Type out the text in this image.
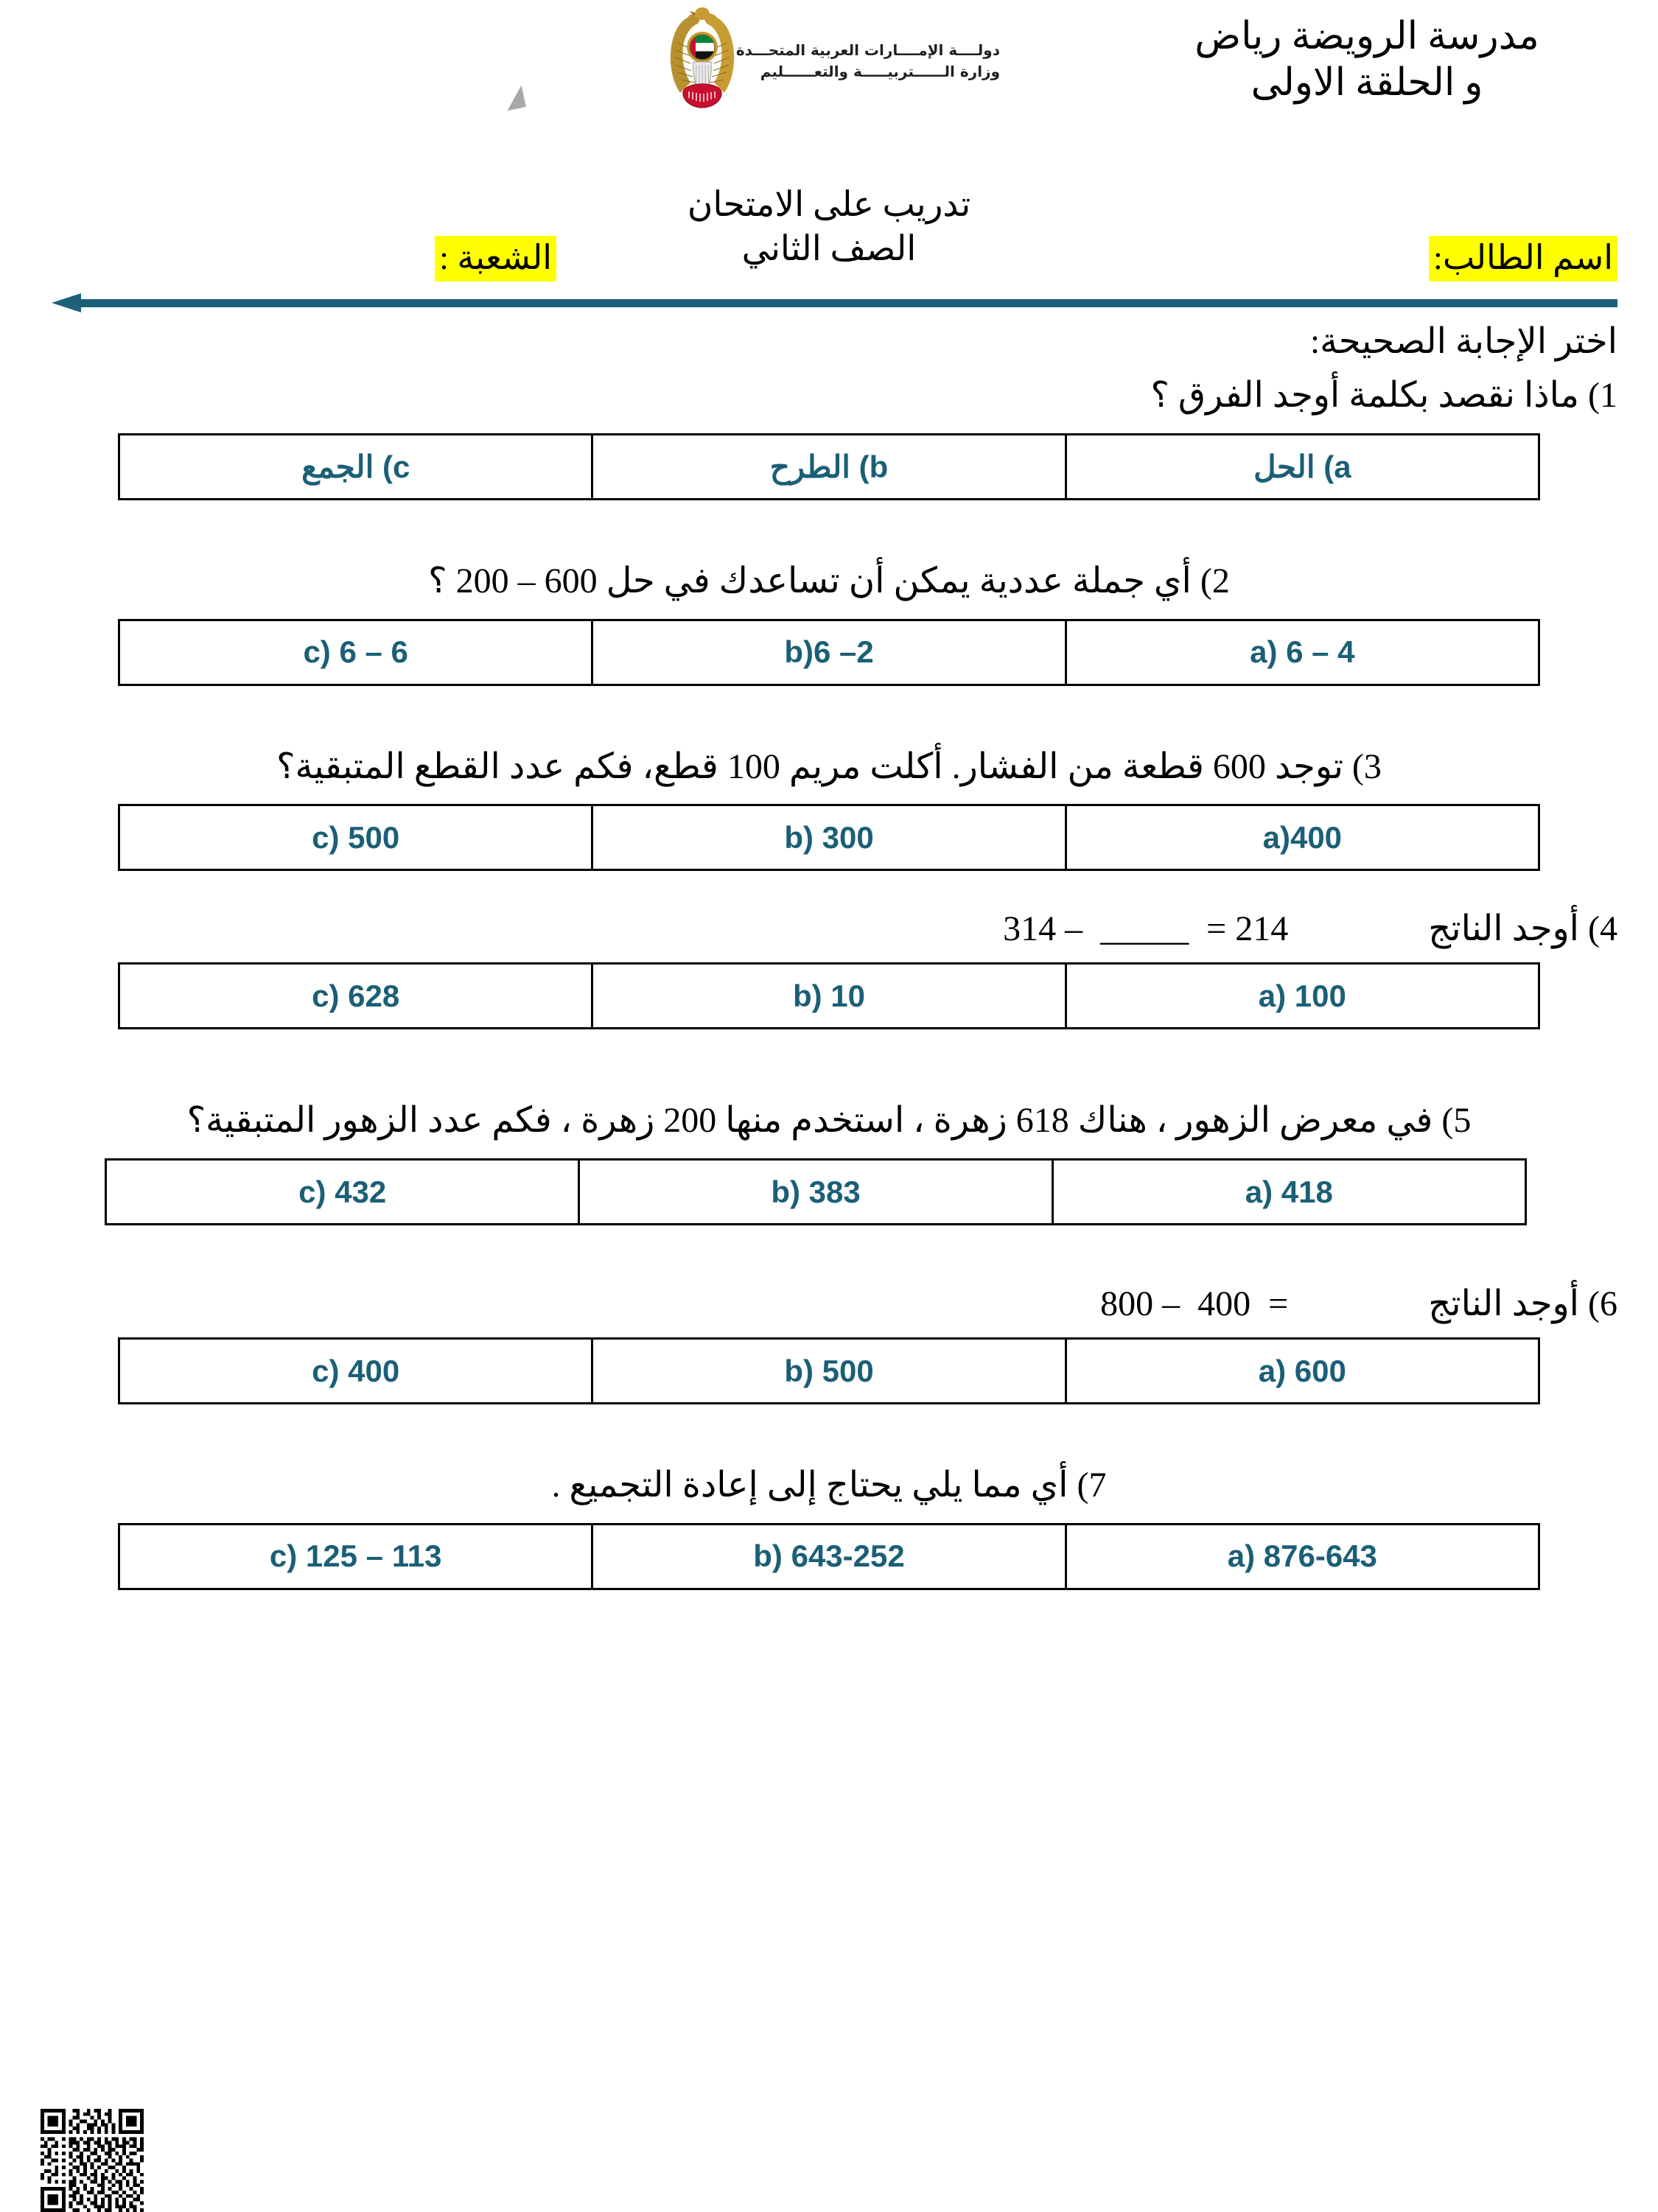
مدرسة الرويضة رياض
و الحلقة الاولى
دولــــة الإمــــارات العربية المتحـــدة
وزارة الــــــتربيـــــة والتعــــــليم
تدريب على الامتحان
الصف الثاني	اسم الطالب:
الشعبة :
اختر الإجابة الصحيحة:
1) ماذا نقصد بكلمة أوجد الفرق ؟
a) الحل
b) الطرح
c) الجمع
2) أي جملة عددية يمكن أن تساعدك في حل 600 – 200 ؟
a) 6 – 4
b)6 –2
c) 6 – 6
3) توجد 600 قطعة من الفشار. أكلت مريم 100 قطع، فكم عدد القطع المتبقية؟
a)400
b) 300
c) 500
4) أوجد الناتج
314 –  _____  = 214
a) 100
b) 10
c) 628
5) في معرض الزهور ، هناك 618 زهرة ، استخدم منها 200 زهرة ، فكم عدد الزهور المتبقية؟
a) 418
b) 383
c) 432
6) أوجد الناتج
800 –  400  =
a) 600
b) 500
c) 400
7) أي مما يلي يحتاج إلى إعادة التجميع .
a) 876-643
b) 643-252
c) 125 – 113
